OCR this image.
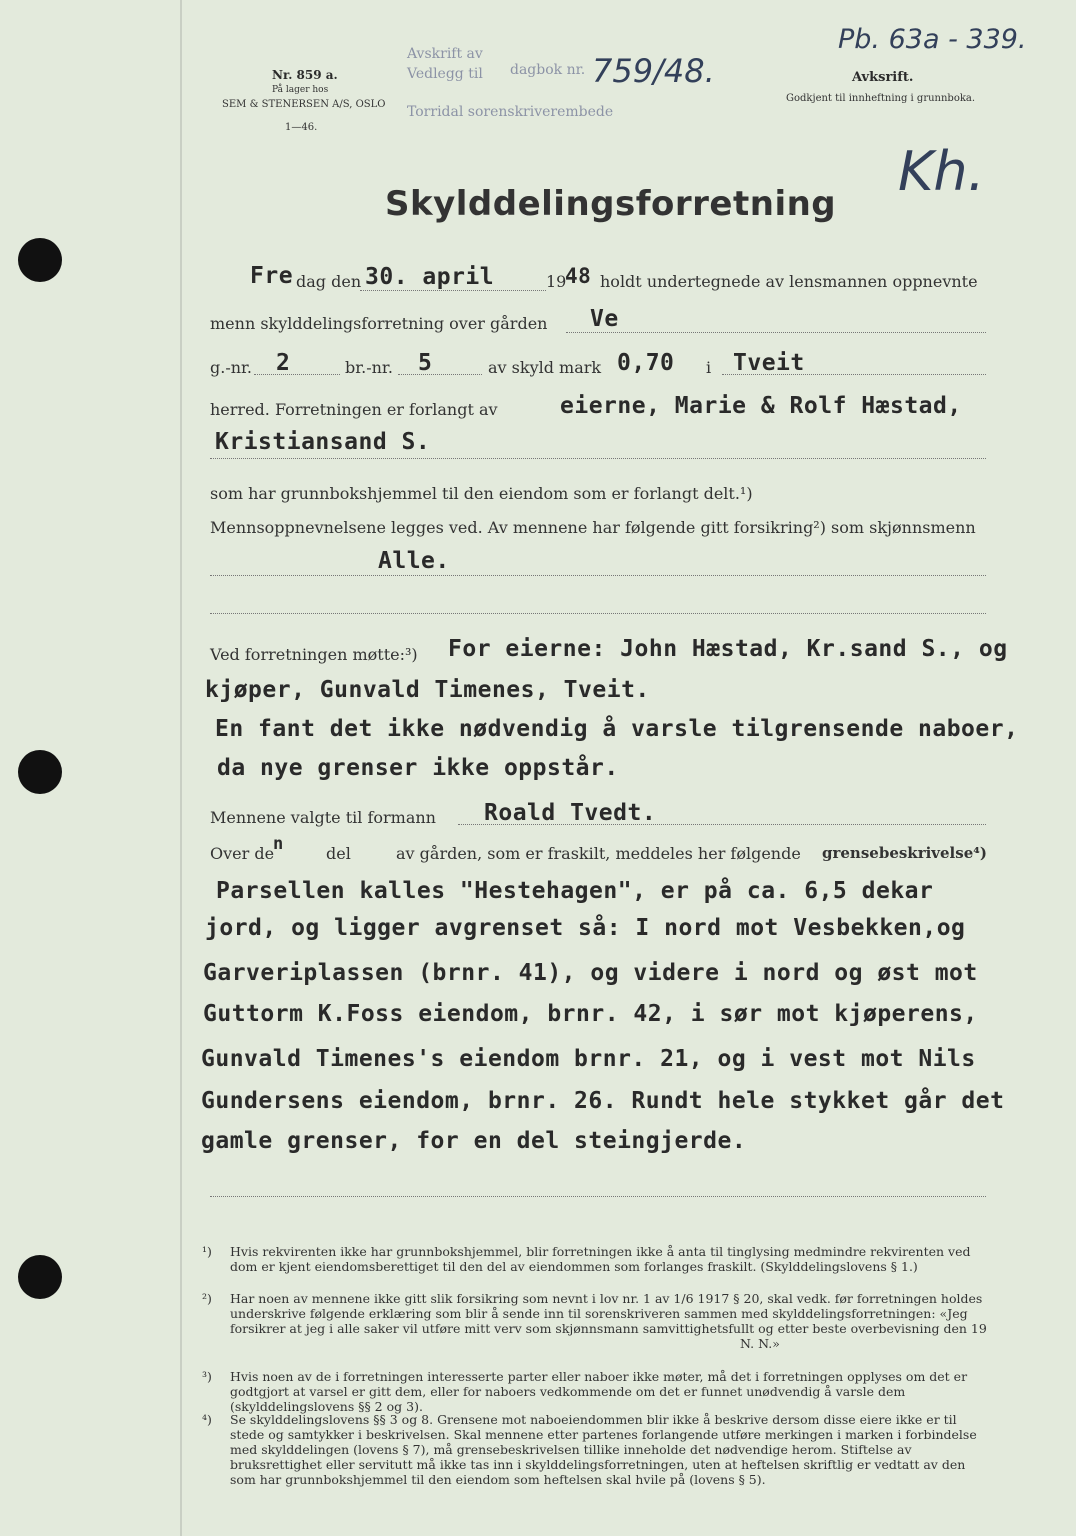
Nr. 859 a.
På lager hos
SEM & STENERSEN A/S, OSLO
1—46.
Avskrift av
Vedlegg til dagbok nr.
Torridal sorenskriverembede
759/48.
Pb. 63a - 339.
Avksrift.
Godkjent til innheftning i grunnboka.
Kh.
Skylddelingsforretning
Fre dag den 30. april	19
48 holdt undertegnede av lensmannen oppnevnte
menn skylddelingsforretning over gården Ve
g.-nr. 2	br.-nr. 5	av skyld mark 0,70 i Tveit
herred. Forretningen er forlangt av	eierne, Marie & Rolf Hæstad,
Kristiansand S.
som har grunnbokshjemmel til den eiendom som er forlangt delt.¹)
Mennsoppnevnelsene legges ved. Av mennene har følgende gitt forsikring²) som skjønnsmenn
Alle.
Ved forretningen møtte:³) For eierne: John Hæstad, Kr.sand S., og
kjøper, Gunvald Timenes, Tveit.
En fant det ikke nødvendig å varsle tilgrensende naboer,
da nye grenser ikke oppstår.
Mennene valgte til formann Roald Tvedt.
Over de
n	del	av gården, som er fraskilt, meddeles her følgende grensebeskrivelse⁴)
Parsellen kalles "Hestehagen", er på ca. 6,5 dekar
jord, og ligger avgrenset så: I nord mot Vesbekken,og
Garveriplassen (brnr. 41), og videre i nord og øst mot
Guttorm K.Foss eiendom, brnr. 42, i sør mot kjøperens,
Gunvald Timenes's eiendom brnr. 21, og i vest mot Nils
Gundersens eiendom, brnr. 26. Rundt hele stykket går det
gamle grenser, for en del steingjerde.
¹) Hvis rekvirenten ikke har grunnbokshjemmel, blir forretningen ikke å anta til tinglysing medmindre rekvirenten ved dom er kjent eiendomsberettiget til den del av eiendommen som forlanges fraskilt. (Skylddelingslovens § 1.)
²) Har noen av mennene ikke gitt slik forsikring som nevnt i lov nr. 1 av 1/6 1917 § 20, skal vedk. før forretningen holdes underskrive følgende erklæring som blir å sende inn til sorenskriveren sammen med skylddelingsforretningen: «Jeg forsikrer at jeg i alle saker vil utføre mitt verv som skjønnsmann samvittighetsfullt og etter beste overbevisning den 19
N. N.»
³) Hvis noen av de i forretningen interesserte parter eller naboer ikke møter, må det i forretningen opplyses om det er godtgjort at varsel er gitt dem, eller for naboers vedkommende om det er funnet unødvendig å varsle dem (skylddelingslovens §§ 2 og 3).
⁴) Se skylddelingslovens §§ 3 og 8. Grensene mot naboeiendommen blir ikke å beskrive dersom disse eiere ikke er til stede og samtykker i beskrivelsen. Skal mennene etter partenes forlangende utføre merkingen i marken i forbindelse med skylddelingen (lovens § 7), må grensebeskrivelsen tillike inneholde det nødvendige herom. Stiftelse av bruksrettighet eller servitutt må ikke tas inn i skylddelingsforretningen, uten at heftelsen skriftlig er vedtatt av den som har grunnbokshjemmel til den eiendom som heftelsen skal hvile på (lovens § 5).
